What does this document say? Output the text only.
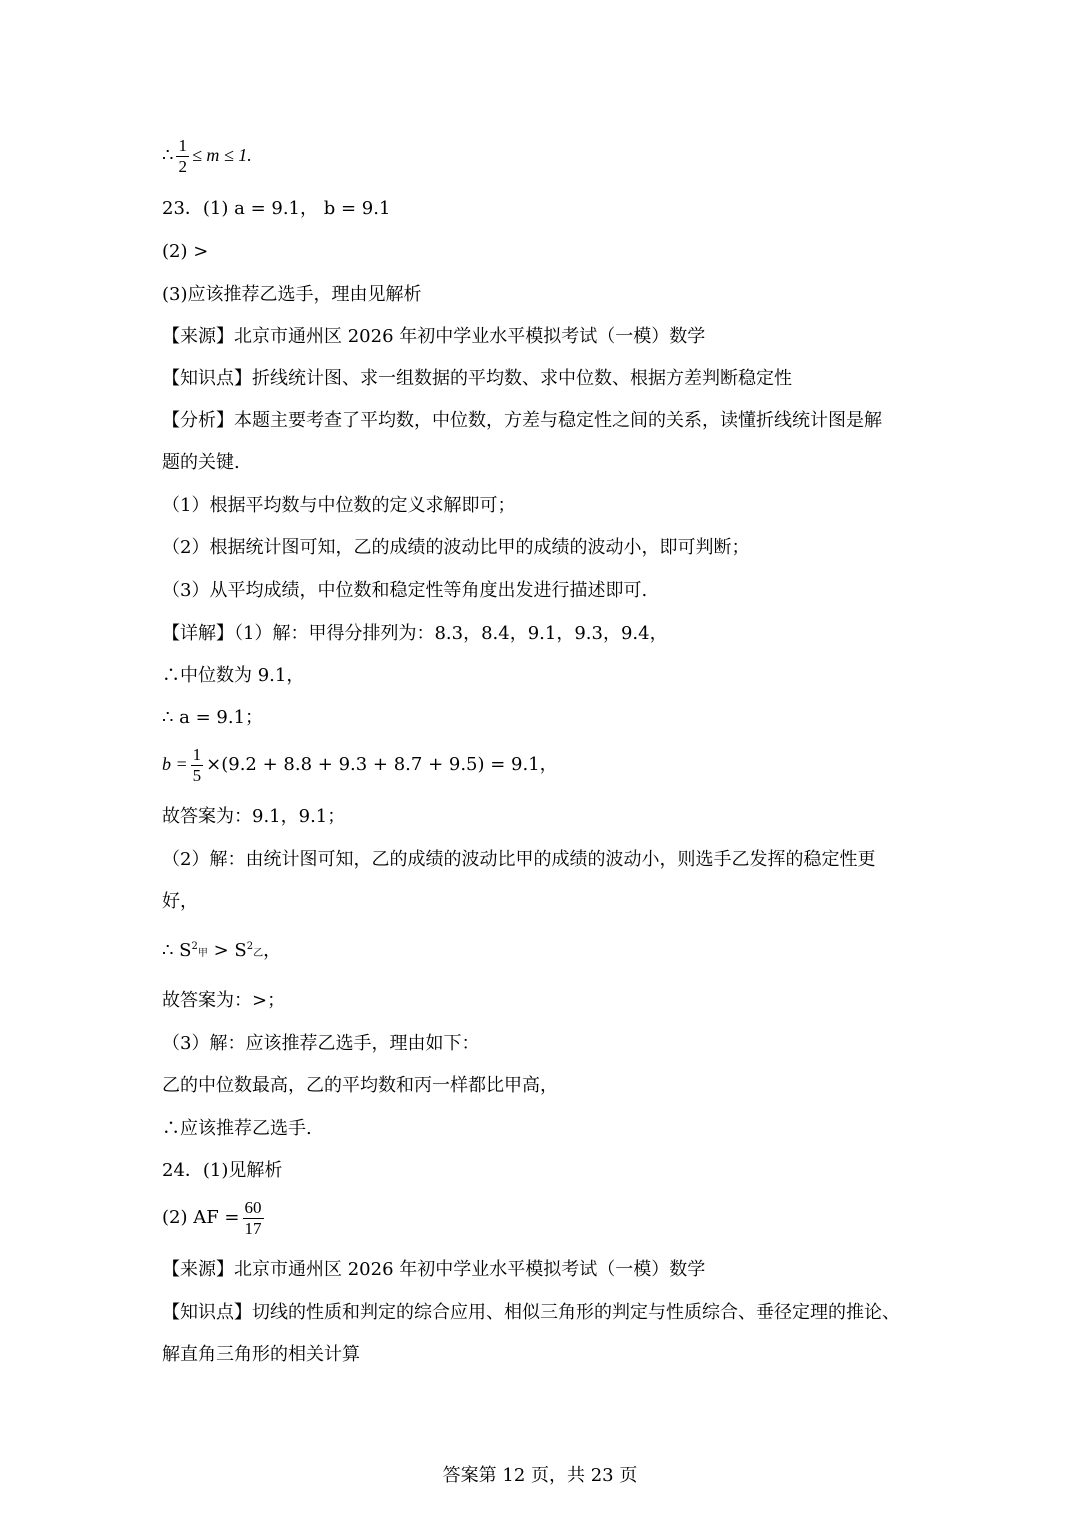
∴ $\frac{1}{2} \le m \le 1$.
23．(1) a = 9.1， b = 9.1
(2) >
(3)应该推荐乙选手，理由见解析
【来源】北京市通州区 2026 年初中学业水平模拟考试（一模）数学
【知识点】折线统计图、求一组数据的平均数、求中位数、根据方差判断稳定性
【分析】本题主要考查了平均数，中位数，方差与稳定性之间的关系，读懂折线统计图是解
题的关键.
（1）根据平均数与中位数的定义求解即可；
（2）根据统计图可知，乙的成绩的波动比甲的成绩的波动小，即可判断；
（3）从平均成绩，中位数和稳定性等角度出发进行描述即可.
【详解】（1）解：甲得分排列为：8.3，8.4，9.1，9.3，9.4，
∴中位数为 9.1，
∴ a = 9.1；
$b = \frac{1}{5} \times(9.2 + 8.8 + 9.3 + 8.7 + 9.5) = 9.1$，
故答案为：9.1，9.1；
（2）解：由统计图可知，乙的成绩的波动比甲的成绩的波动小，则选手乙发挥的稳定性更
好，
∴ $S^2$甲 > $S^2$乙，
故答案为：>；
（3）解：应该推荐乙选手，理由如下：
乙的中位数最高，乙的平均数和丙一样都比甲高，
∴应该推荐乙选手.
24．(1)见解析
(2) AF = $\frac{60}{17}$
【来源】北京市通州区 2026 年初中学业水平模拟考试（一模）数学
【知识点】切线的性质和判定的综合应用、相似三角形的判定与性质综合、垂径定理的推论、
解直角三角形的相关计算
答案第 12 页，共 23 页
